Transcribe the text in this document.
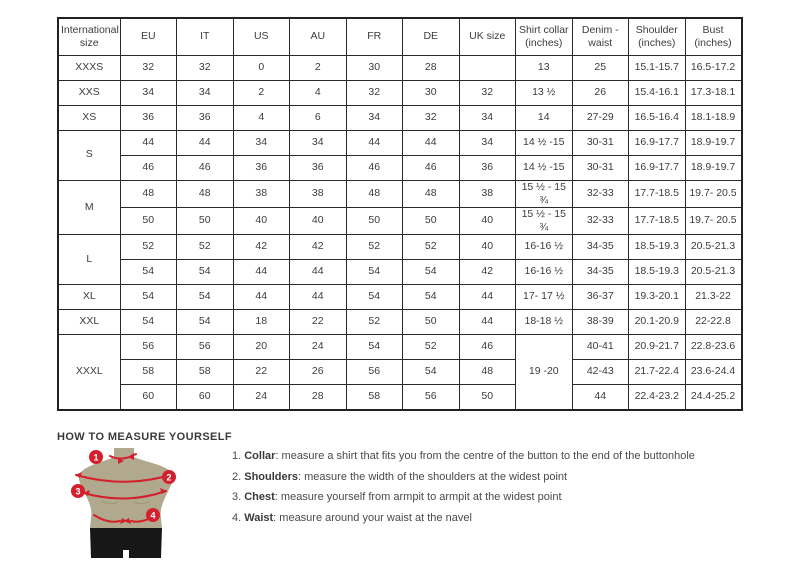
International size	EU	IT	US	AU	FR	DE	UK size	Shirt collar (inches)	Denim - waist	Shoulder (inches)	Bust (inches)
XXXS	32	32	0	2	30	28		13	25	15.1-15.7	16.5-17.2
XXS	34	34	2	4	32	30	32	13 ½	26	15.4-16.1	17.3-18.1
XS	36	36	4	6	34	32	34	14	27-29	16.5-16.4	18.1-18.9
S	44	44	34	34	44	44	34	14 ½ -15	30-31	16.9-17.7	18.9-19.7
	46	46	36	36	46	46	36	14 ½ -15	30-31	16.9-17.7	18.9-19.7
M	48	48	38	38	48	48	38	15 ½ - 15 ¾	32-33	17.7-18.5	19.7- 20.5
	50	50	40	40	50	50	40	15 ½ - 15 ¾	32-33	17.7-18.5	19.7- 20.5
L	52	52	42	42	52	52	40	16-16 ½	34-35	18.5-19.3	20.5-21.3
	54	54	44	44	54	54	42	16-16 ½	34-35	18.5-19.3	20.5-21.3
XL	54	54	44	44	54	54	44	17- 17 ½	36-37	19.3-20.1	21.3-22
XXL	54	54	18	22	52	50	44	18-18 ½	38-39	20.1-20.9	22-22.8
XXXL	56	56	20	24	54	52	46	19 -20	40-41	20.9-21.7	22.8-23.6
	58	58	22	26	56	54	48		42-43	21.7-22.4	23.6-24.4
	60	60	24	28	58	56	50		44	22.4-23.2	24.4-25.2
HOW TO MEASURE YOURSELF
1
2
3
4
1. Collar: measure a shirt that fits you from the centre of the button to the end of the buttonhole
2. Shoulders: measure the width of the shoulders at the widest point
3. Chest: measure yourself from armpit to armpit at the widest point
4. Waist: measure around your waist at the navel
